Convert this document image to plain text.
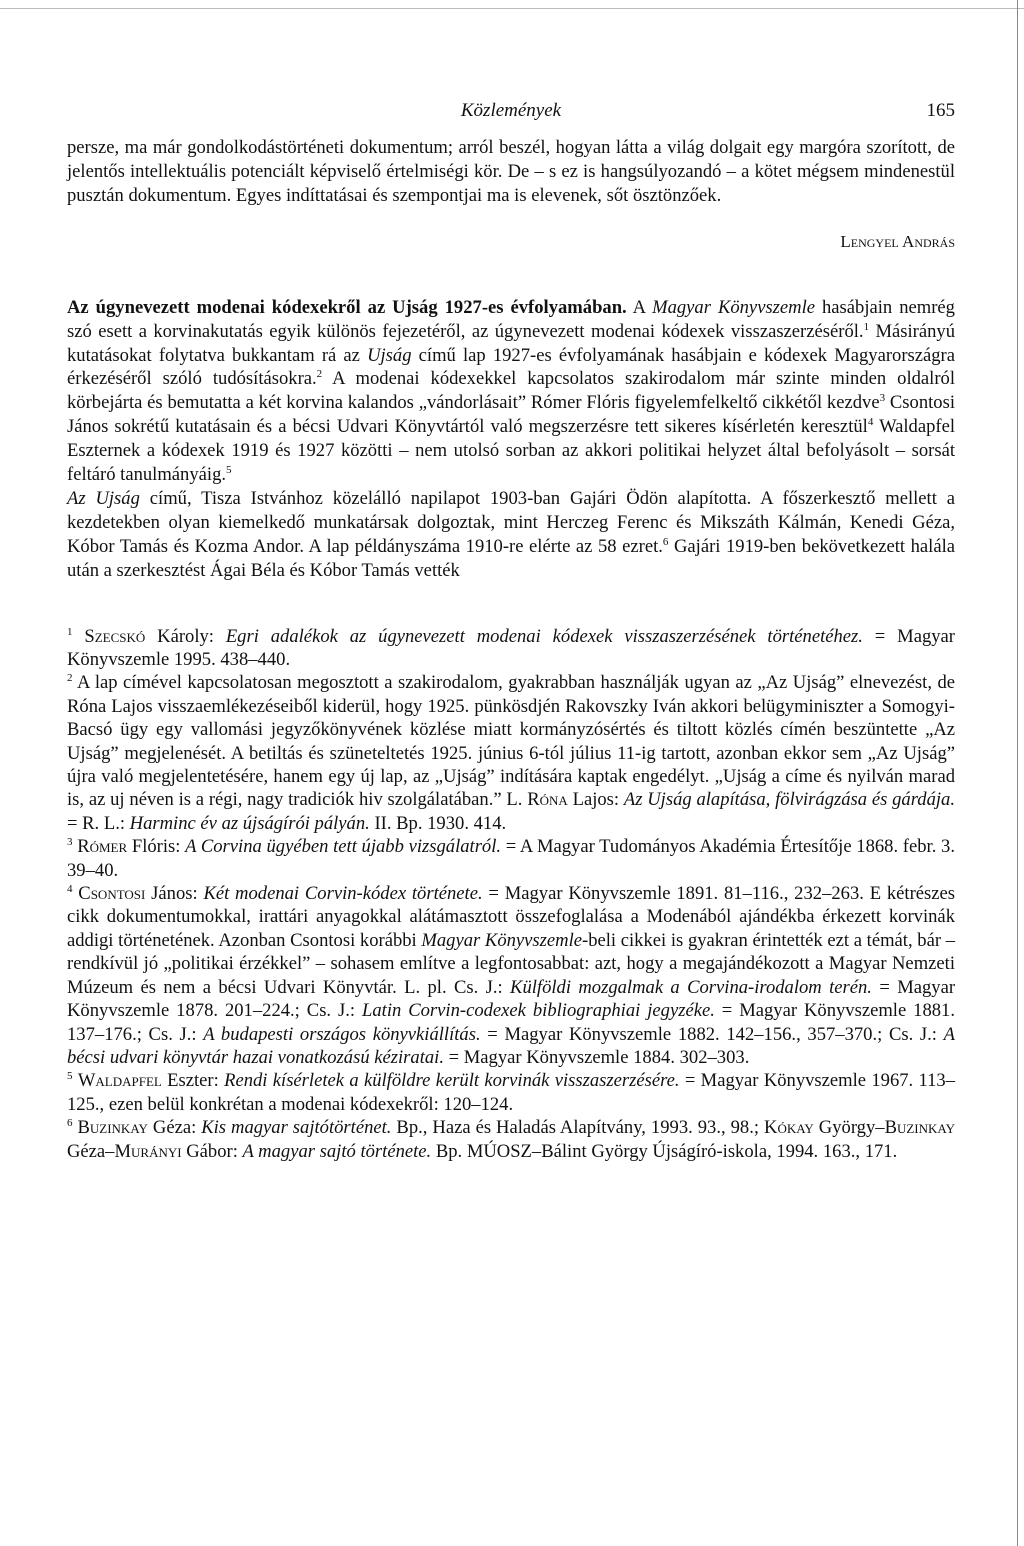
Közlemények	165

persze, ma már gondolkodástörténeti dokumentum; arról beszél, hogyan látta a világ dolgait egy margóra szorított, de jelentős intellektuális potenciált képviselő értelmiségi kör. De – s ez is hangsúlyozandó – a kötet mégsem mindenestül pusztán dokumentum. Egyes indíttatásai és szempontjai ma is elevenek, sőt ösztönzőek.

Lengyel András

Az úgynevezett modenai kódexekről az Ujság 1927-es évfolyamában. A Magyar Könyvszemle hasábjain nemrég szó esett a korvinakutatás egyik különös fejezetéről, az úgynevezett modenai kódexek visszaszerzéséről.$^1$ Másirányú kutatásokat folytatva bukkantam rá az Ujság című lap 1927-es évfolyamának hasábjain e kódexek Magyarországra érkezéséről szóló tudósításokra.$^2$ A modenai kódexekkel kapcsolatos szakirodalom már szinte minden oldalról körbejárta és bemutatta a két korvina kalandos „vándorlásait” Rómer Flóris figyelemfelkeltő cikkétől kezdve$^3$ Csontosi János sokrétű kutatásain és a bécsi Udvari Könyvtártól való megszerzésre tett sikeres kísérletén keresztül$^4$ Waldapfel Eszternek a kódexek 1919 és 1927 közötti – nem utolsó sorban az akkori politikai helyzet által befolyásolt – sorsát feltáró tanulmányáig.$^5$

Az Ujság című, Tisza Istvánhoz közelálló napilapot 1903-ban Gajári Ödön alapította. A főszerkesztő mellett a kezdetekben olyan kiemelkedő munkatársak dolgoztak, mint Herczeg Ferenc és Mikszáth Kálmán, Kenedi Géza, Kóbor Tamás és Kozma Andor. A lap példányszáma 1910-re elérte az 58 ezret.$^6$ Gajári 1919-ben bekövetkezett halála után a szerkesztést Ágai Béla és Kóbor Tamás vették

$^1$ Szecskó Károly: Egri adalékok az úgynevezett modenai kódexek visszaszerzésének történetéhez. = Magyar Könyvszemle 1995. 438–440.

$^2$ A lap címével kapcsolatosan megosztott a szakirodalom, gyakrabban használják ugyan az „Az Ujság” elnevezést, de Róna Lajos visszaemlékezéseiből kiderül, hogy 1925. pünkösdjén Rakovszky Iván akkori belügyminiszter a Somogyi-Bacsó ügy egy vallomási jegyzőkönyvének közlése miatt kormányzósértés és tiltott közlés címén beszüntette „Az Ujság” megjelenését. A betiltás és szüneteltetés 1925. június 6-tól július 11-ig tartott, azonban ekkor sem „Az Ujság” újra való megjelentetésére, hanem egy új lap, az „Ujság” indítására kaptak engedélyt. „Ujság a címe és nyilván marad is, az uj néven is a régi, nagy tradiciók hiv szolgálatában.” L. Róna Lajos: Az Ujság alapítása, fölvirágzása és gárdája. = R. L.: Harminc év az újságírói pályán. II. Bp. 1930. 414.

$^3$ Rómer Flóris: A Corvina ügyében tett újabb vizsgálatról. = A Magyar Tudományos Akadémia Értesítője 1868. febr. 3. 39–40.

$^4$ Csontosi János: Két modenai Corvin-kódex története. = Magyar Könyvszemle 1891. 81–116., 232–263. E kétrészes cikk dokumentumokkal, irattári anyagokkal alátámasztott összefoglalása a Modenából ajándékba érkezett korvinák addigi történetének. Azonban Csontosi korábbi Magyar Könyvszemle-beli cikkei is gyakran érintették ezt a témát, bár – rendkívül jó „politikai érzékkel” – sohasem említve a legfontosabbat: azt, hogy a megajándékozott a Magyar Nemzeti Múzeum és nem a bécsi Udvari Könyvtár. L. pl. Cs. J.: Külföldi mozgalmak a Corvina-irodalom terén. = Magyar Könyvszemle 1878. 201–224.; Cs. J.: Latin Corvin-codexek bibliographiai jegyzéke. = Magyar Könyvszemle 1881. 137–176.; Cs. J.: A budapesti országos könyvkiállítás. = Magyar Könyvszemle 1882. 142–156., 357–370.; Cs. J.: A bécsi udvari könyvtár hazai vonatkozású kéziratai. = Magyar Könyvszemle 1884. 302–303.

$^5$ Waldapfel Eszter: Rendi kísérletek a külföldre került korvinák visszaszerzésére. = Magyar Könyvszemle 1967. 113–125., ezen belül konkrétan a modenai kódexekről: 120–124.

$^6$ Buzinkay Géza: Kis magyar sajtótörténet. Bp., Haza és Haladás Alapítvány, 1993. 93., 98.; Kókay György–Buzinkay Géza–Murányi Gábor: A magyar sajtó története. Bp. MÚOSZ–Bálint György Újságíró-iskola, 1994. 163., 171.
